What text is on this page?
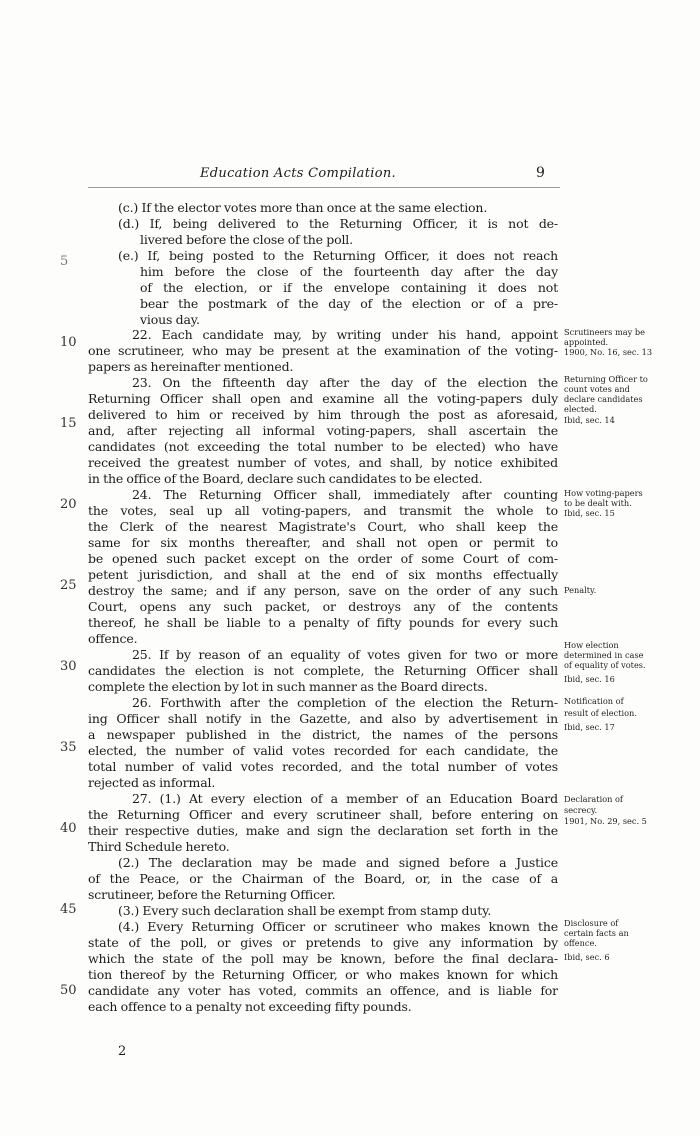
Education Acts Compilation.	9
5
10
15
20
25
30
35
40
45
50
(c.) If the elector votes more than once at the same election.
(d.) If, being delivered to the Returning Officer, it is not de-
livered before the close of the poll.
(e.) If, being posted to the Returning Officer, it does not reach
him before the close of the fourteenth day after the day
of the election, or if the envelope containing it does not
bear the postmark of the day of the election or of a pre-
vious day.
22. Each candidate may, by writing under his hand, appoint
one scrutineer, who may be present at the examination of the voting-
papers as hereinafter mentioned.
23. On the fifteenth day after the day of the election the
Returning Officer shall open and examine all the voting-papers duly
delivered to him or received by him through the post as aforesaid,
and, after rejecting all informal voting-papers, shall ascertain the
candidates (not exceeding the total number to be elected) who have
received the greatest number of votes, and shall, by notice exhibited
in the office of the Board, declare such candidates to be elected.
24. The Returning Officer shall, immediately after counting
the votes, seal up all voting-papers, and transmit the whole to
the Clerk of the nearest Magistrate's Court, who shall keep the
same for six months thereafter, and shall not open or permit to
be opened such packet except on the order of some Court of com-
petent jurisdiction, and shall at the end of six months effectually
destroy the same; and if any person, save on the order of any such
Court, opens any such packet, or destroys any of the contents
thereof, he shall be liable to a penalty of fifty pounds for every such
offence.
25. If by reason of an equality of votes given for two or more
candidates the election is not complete, the Returning Officer shall
complete the election by lot in such manner as the Board directs.
26. Forthwith after the completion of the election the Return-
ing Officer shall notify in the Gazette, and also by advertisement in
a newspaper published in the district, the names of the persons
elected, the number of valid votes recorded for each candidate, the
total number of valid votes recorded, and the total number of votes
rejected as informal.
27. (1.) At every election of a member of an Education Board
the Returning Officer and every scrutineer shall, before entering on
their respective duties, make and sign the declaration set forth in the
Third Schedule hereto.
(2.) The declaration may be made and signed before a Justice
of the Peace, or the Chairman of the Board, or, in the case of a
scrutineer, before the Returning Officer.
(3.) Every such declaration shall be exempt from stamp duty.
(4.) Every Returning Officer or scrutineer who makes known the
state of the poll, or gives or pretends to give any information by
which the state of the poll may be known, before the final declara-
tion thereof by the Returning Officer, or who makes known for which
candidate any voter has voted, commits an offence, and is liable for
each offence to a penalty not exceeding fifty pounds.
Scrutineers may be
appointed.
1900, No. 16, sec. 13
Returning Officer to
count votes and
declare candidates
elected.
Ibid, sec. 14
How voting-papers
to be dealt with.
Ibid, sec. 15
Penalty.
How election
determined in case
of equality of votes.
Ibid, sec. 16
Notification of
result of election.
Ibid, sec. 17
Declaration of
secrecy.
1901, No. 29, sec. 5
Disclosure of
certain facts an
offence.
Ibid, sec. 6
2
